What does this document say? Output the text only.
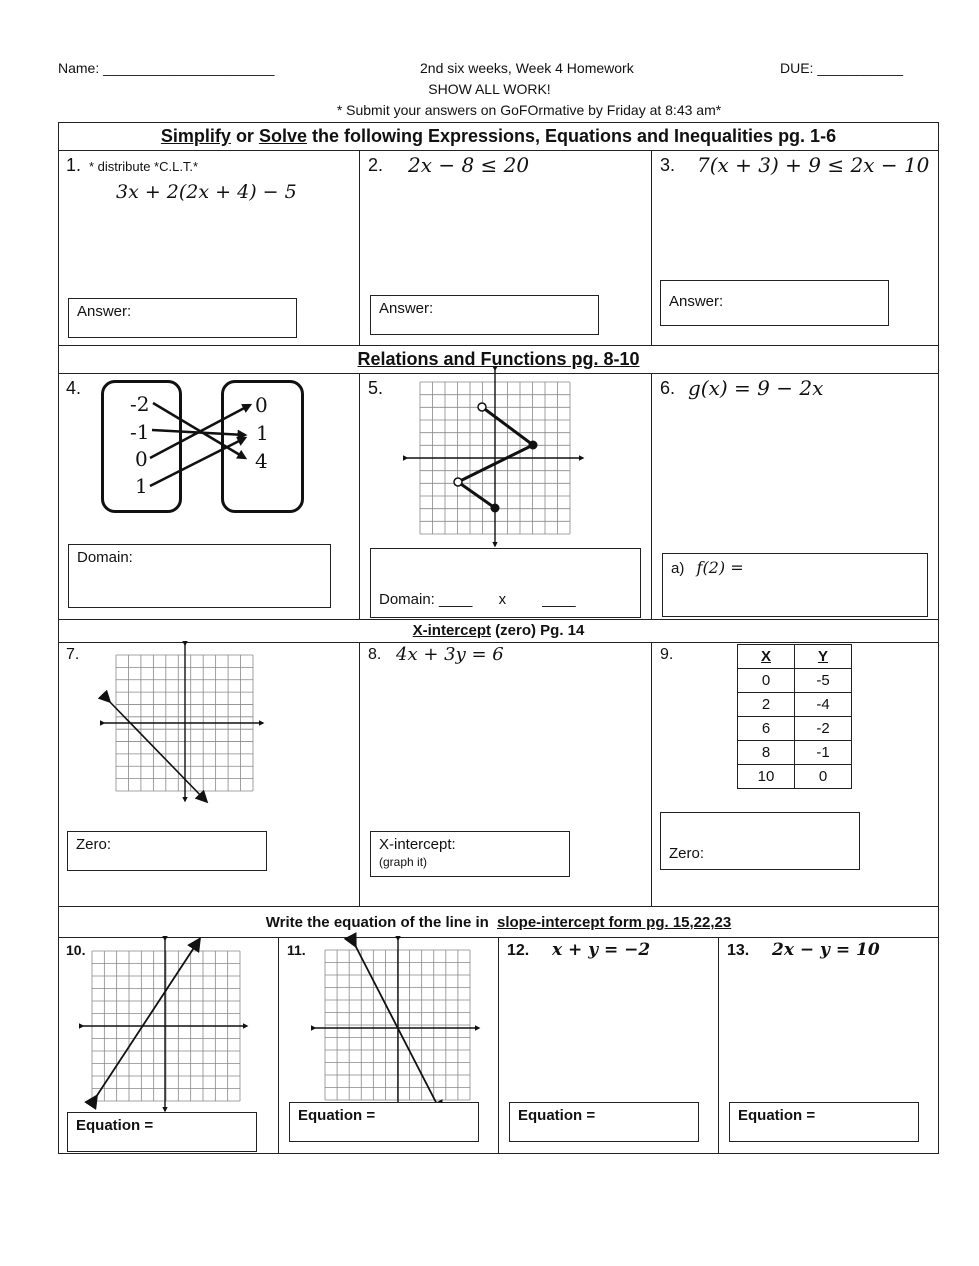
Name: ______________________	2nd six weeks, Week 4 Homework	DUE: ___________
SHOW ALL WORK!
* Submit your answers on GoFOrmative by Friday at 8:43 am*
Simplify or Solve the following Expressions, Equations and Inequalities pg. 1-6
1. * distribute *C.L.T.*
3x + 2(2x + 4) − 5
Answer:
2. 2x − 8 ≤ 20
Answer:
3. 7(x + 3) + 9 ≤ 2x − 10
Answer:
Relations and Functions pg. 8-10
4.
-2
-1
0
1
0
1
4
Domain:
5.
Domain: ____ x ____
6. g(x) = 9 − 2x
a) f(2) =
X-intercept (zero) Pg. 14
7.
Zero:
8. 4x + 3y = 6
X-intercept:
(graph it)
9.	X	Y
0	-5
2	-4
6	-2
8	-1
10	0
Zero:
Write the equation of the line in slope-intercept form pg. 15,22,23
10.
Equation =
11.
Equation =
12. x + y = −2
Equation =
13. 2x − y = 10
Equation =
